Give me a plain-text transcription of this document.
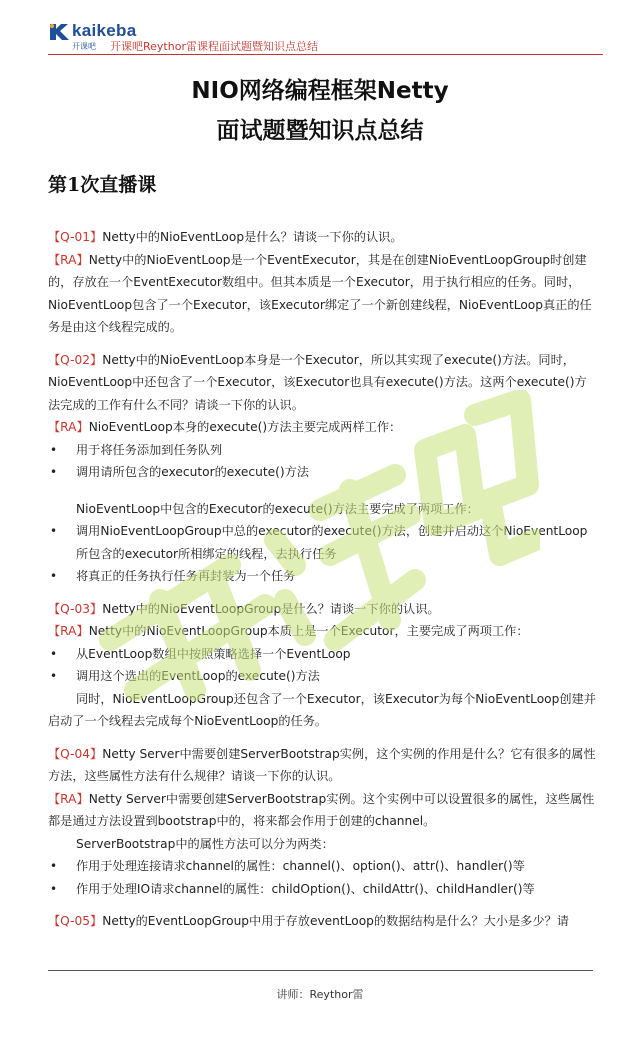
kaikeba
开课吧 开课吧Reythor雷课程面试题暨知识点总结
NIO网络编程框架Netty
面试题暨知识点总结
第1次直播课

【Q-01】Netty中的NioEventLoop是什么？请谈一下你的认识。

【RA】Netty中的NioEventLoop是一个EventExecutor，其是在创建NioEventLoopGroup时创建的，存放在一个EventExecutor数组中。但其本质是一个Executor，用于执行相应的任务。同时，NioEventLoop包含了一个Executor，该Executor绑定了一个新创建线程，NioEventLoop真正的任务是由这个线程完成的。

【Q-02】Netty中的NioEventLoop本身是一个Executor，所以其实现了execute()方法。同时，NioEventLoop中还包含了一个Executor，该Executor也具有execute()方法。这两个execute()方法完成的工作有什么不同？请谈一下你的认识。

【RA】NioEventLoop本身的execute()方法主要完成两样工作：

• 用于将任务添加到任务队列

• 调用请所包含的executor的execute()方法

NioEventLoop中包含的Executor的execute()方法主要完成了两项工作：

• 调用NioEventLoopGroup中总的executor的execute()方法，创建并启动这个NioEventLoop所包含的executor所相绑定的线程，去执行任务

• 将真正的任务执行任务再封装为一个任务

【Q-03】Netty中的NioEventLoopGroup是什么？请谈一下你的认识。

【RA】Netty中的NioEventLoopGroup本质上是一个Executor，主要完成了两项工作：

• 从EventLoop数组中按照策略选择一个EventLoop

• 调用这个选出的EventLoop的execute()方法

同时，NioEventLoopGroup还包含了一个Executor，该Executor为每个NioEventLoop创建并启动了一个线程去完成每个NioEventLoop的任务。

【Q-04】Netty Server中需要创建ServerBootstrap实例，这个实例的作用是什么？它有很多的属性方法，这些属性方法有什么规律？请谈一下你的认识。

【RA】Netty Server中需要创建ServerBootstrap实例。这个实例中可以设置很多的属性，这些属性都是通过方法设置到bootstrap中的，将来都会作用于创建的channel。

ServerBootstrap中的属性方法可以分为两类：

• 作用于处理连接请求channel的属性：channel()、option()、attr()、handler()等

• 作用于处理IO请求channel的属性：childOption()、childAttr()、childHandler()等

【Q-05】Netty的EventLoopGroup中用于存放eventLoop的数据结构是什么？大小是多少？请

讲师：Reythor雷
